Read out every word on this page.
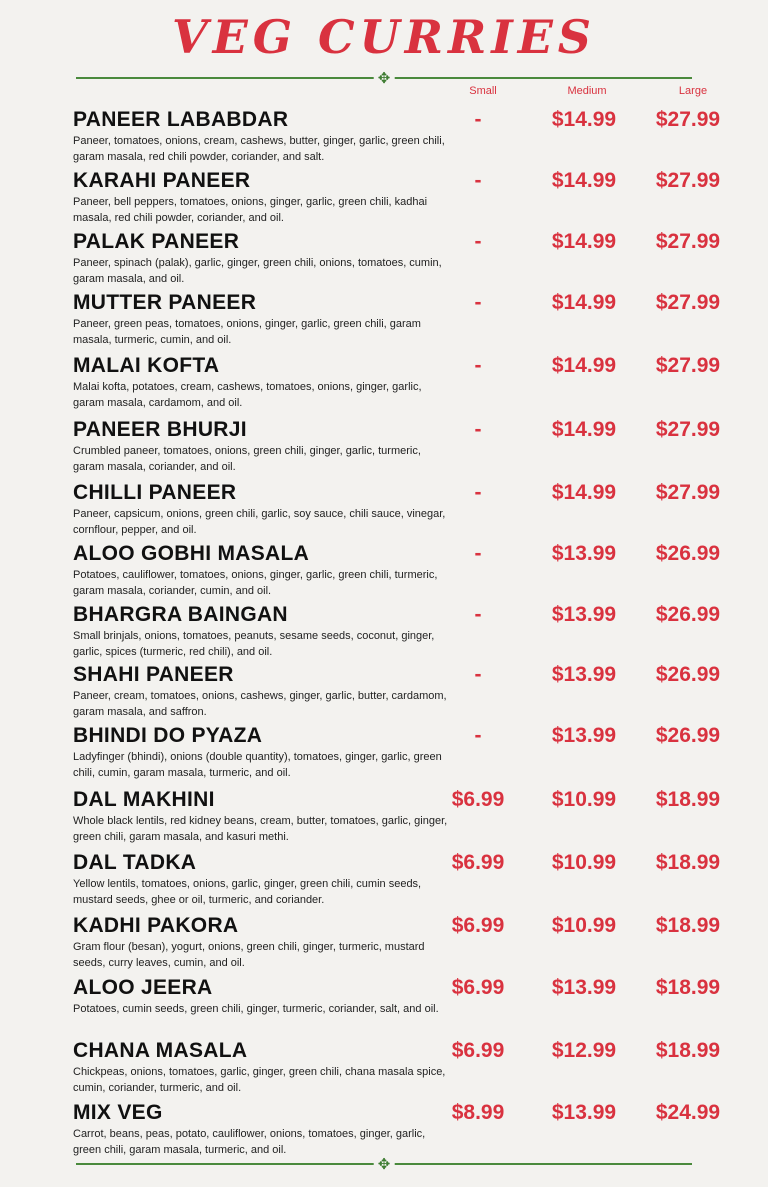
VEG CURRIES
✥
Small	Medium	Large
PANEER LABABDAR
Paneer, tomatoes, onions, cream, cashews, butter, ginger, garlic, green chili, garam masala, red chili powder, coriander, and salt.
-	$14.99	$27.99
KARAHI PANEER
Paneer, bell peppers, tomatoes, onions, ginger, garlic, green chili, kadhai masala, red chili powder, coriander, and oil.
-	$14.99	$27.99
PALAK PANEER
Paneer, spinach (palak), garlic, ginger, green chili, onions, tomatoes, cumin, garam masala, and oil.
-	$14.99	$27.99
MUTTER PANEER
Paneer, green peas, tomatoes, onions, ginger, garlic, green chili, garam masala, turmeric, cumin, and oil.
-	$14.99	$27.99
MALAI KOFTA
Malai kofta, potatoes, cream, cashews, tomatoes, onions, ginger, garlic, garam masala, cardamom, and oil.
-	$14.99	$27.99
PANEER BHURJI
Crumbled paneer, tomatoes, onions, green chili, ginger, garlic, turmeric, garam masala, coriander, and oil.
-	$14.99	$27.99
CHILLI PANEER
Paneer, capsicum, onions, green chili, garlic, soy sauce, chili sauce, vinegar, cornflour, pepper, and oil.
-	$14.99	$27.99
ALOO GOBHI MASALA
Potatoes, cauliflower, tomatoes, onions, ginger, garlic, green chili, turmeric, garam masala, coriander, cumin, and oil.
-	$13.99	$26.99
BHARGRA BAINGAN
Small brinjals, onions, tomatoes, peanuts, sesame seeds, coconut, ginger, garlic, spices (turmeric, red chili), and oil.
-	$13.99	$26.99
SHAHI PANEER
Paneer, cream, tomatoes, onions, cashews, ginger, garlic, butter, cardamom, garam masala, and saffron.
-	$13.99	$26.99
BHINDI DO PYAZA
Ladyfinger (bhindi), onions (double quantity), tomatoes, ginger, garlic, green chili, cumin, garam masala, turmeric, and oil.
-	$13.99	$26.99
DAL MAKHINI
Whole black lentils, red kidney beans, cream, butter, tomatoes, garlic, ginger, green chili, garam masala, and kasuri methi.
$6.99	$10.99	$18.99
DAL TADKA
Yellow lentils, tomatoes, onions, garlic, ginger, green chili, cumin seeds, mustard seeds, ghee or oil, turmeric, and coriander.
$6.99	$10.99	$18.99
KADHI PAKORA
Gram flour (besan), yogurt, onions, green chili, ginger, turmeric, mustard seeds, curry leaves, cumin, and oil.
$6.99	$10.99	$18.99
ALOO JEERA
Potatoes, cumin seeds, green chili, ginger, turmeric, coriander, salt, and oil.
$6.99	$13.99	$18.99
CHANA MASALA
Chickpeas, onions, tomatoes, garlic, ginger, green chili, chana masala spice, cumin, coriander, turmeric, and oil.
$6.99	$12.99	$18.99
MIX VEG
Carrot, beans, peas, potato, cauliflower, onions, tomatoes, ginger, garlic, green chili, garam masala, turmeric, and oil.
$8.99	$13.99	$24.99
✥
